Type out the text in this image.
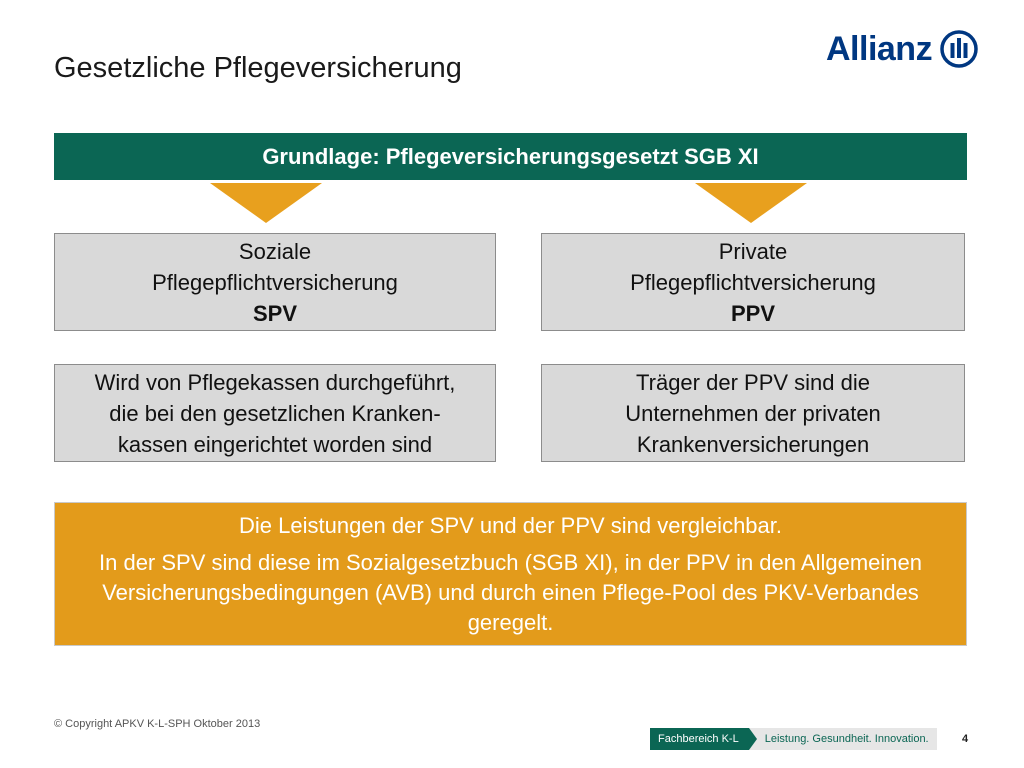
Gesetzliche Pflegeversicherung	Allianz
Grundlage: Pflegeversicherungsgesetzt SGB XI
Soziale
Pflegepflichtversicherung
SPV
Private
Pflegepflichtversicherung
PPV
Wird von Pflegekassen durchgeführt,
die bei den gesetzlichen Kranken-
kassen eingerichtet worden sind
Träger der PPV sind die
Unternehmen der privaten
Krankenversicherungen
Die Leistungen der SPV und der PPV sind vergleichbar.
In der SPV sind diese im Sozialgesetzbuch (SGB XI), in der PPV in den Allgemeinen Versicherungsbedingungen (AVB) und durch einen Pflege-Pool des PKV-Verbandes geregelt.
© Copyright APKV K-L-SPH Oktober 2013
Fachbereich K-L	Leistung. Gesundheit. Innovation.	4
